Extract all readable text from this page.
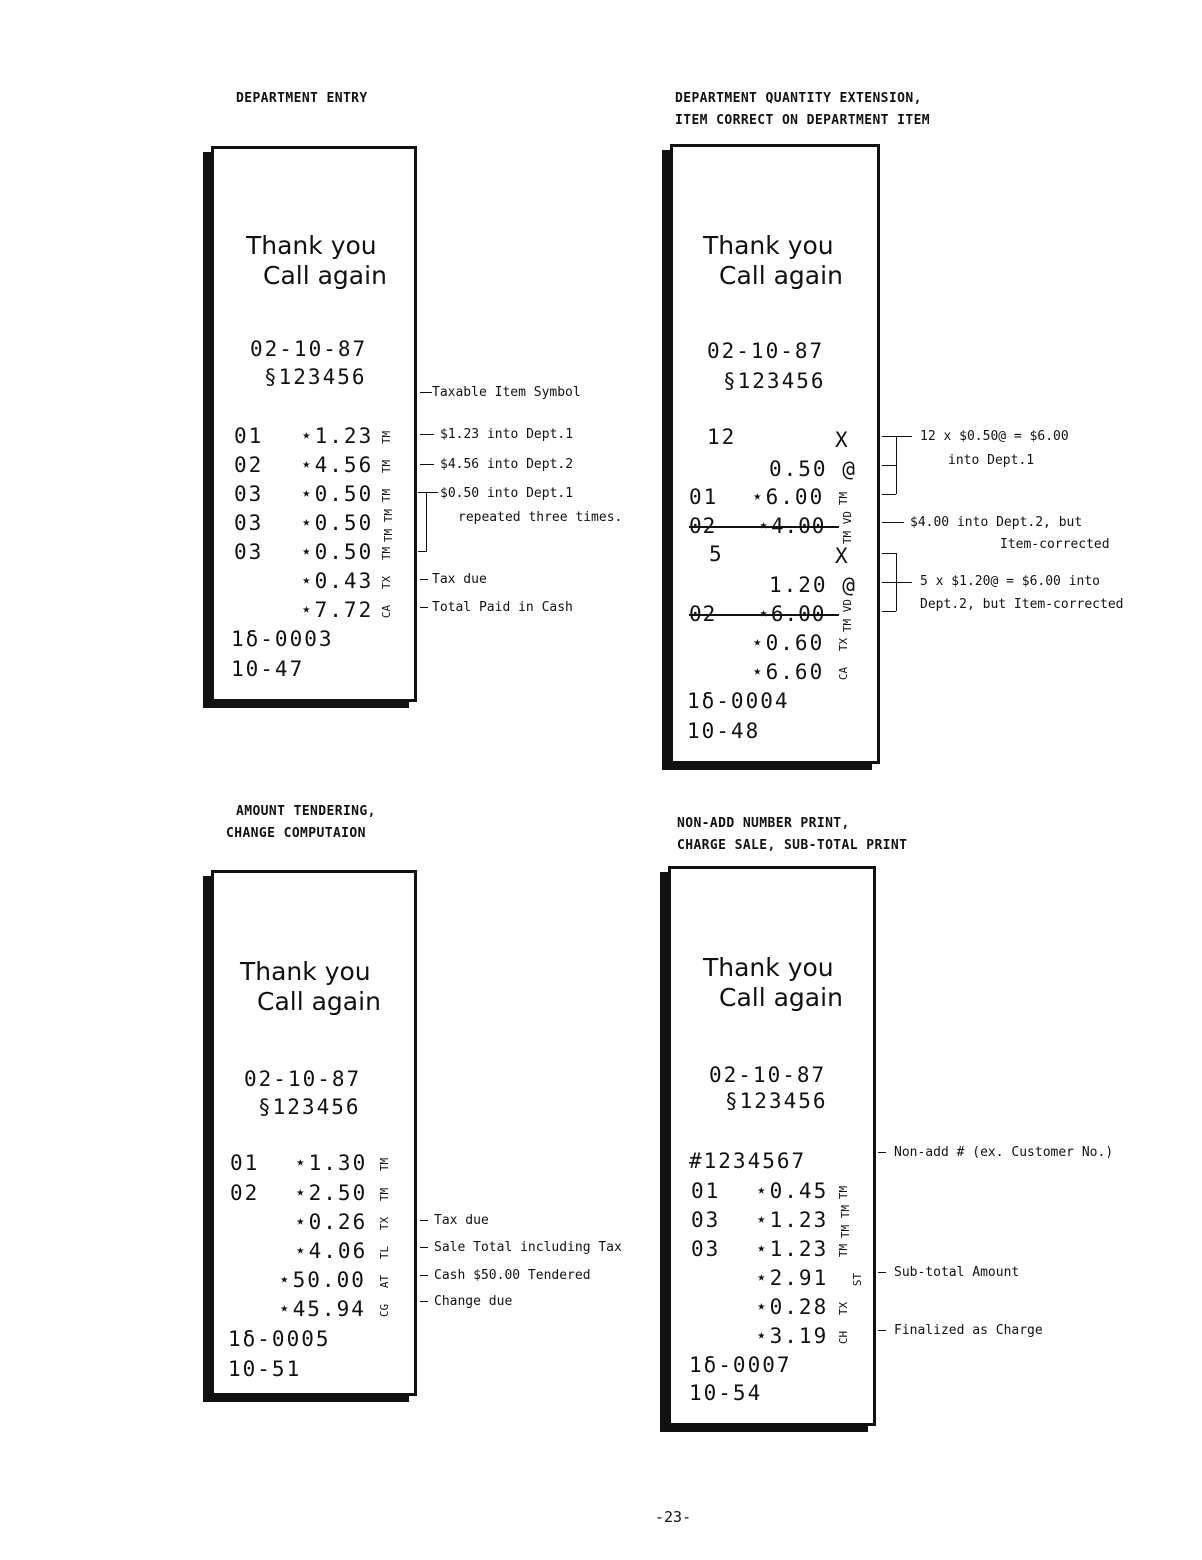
DEPARTMENT ENTRY
Thank you
Call again
02-10-87
§123456
01 ⋆1.23 TM
02 ⋆4.56 TM
03 ⋆0.50 TM
03 ⋆0.50 TM TM
03 ⋆0.50 TM
⋆0.43 TX
⋆7.72 CA
1δ-0003
10-47
Taxable Item Symbol
$1.23 into Dept.1
$4.56 into Dept.2
$0.50 into Dept.1
repeated three times.
Tax due
Total Paid in Cash
DEPARTMENT QUANTITY EXTENSION,
ITEM CORRECT ON DEPARTMENT ITEM
Thank you
Call again
02-10-87
§123456
12	X
0.50 @
01 ⋆6.00 TM
02---⋆4.00- TM VD
5	X
1.20 @
02---⋆6.00- TM VD
⋆0.60 TX
⋆6.60 CA
1δ-0004
10-48
12 x $0.50@ = $6.00
into Dept.1
$4.00 into Dept.2, but
Item-corrected
5 x $1.20@ = $6.00 into
Dept.2, but Item-corrected
AMOUNT TENDERING,
CHANGE COMPUTAION
Thank you
Call again
02-10-87
§123456
01 ⋆1.30 TM
02 ⋆2.50 TM
⋆0.26 TX
⋆4.06 TL
⋆50.00 AT
⋆45.94 CG
1δ-0005
10-51
Tax due
Sale Total including Tax
Cash $50.00 Tendered
Change due
NON-ADD NUMBER PRINT,
CHARGE SALE, SUB-TOTAL PRINT
Thank you
Call again
02-10-87
§123456
#1234567
01 ⋆0.45 TM
03 ⋆1.23 TM TM
03 ⋆1.23 TM
⋆2.91 ST
⋆0.28 TX
⋆3.19 CH
1δ-0007
10-54
Non-add # (ex. Customer No.)
Sub-total Amount
Finalized as Charge
-23-
